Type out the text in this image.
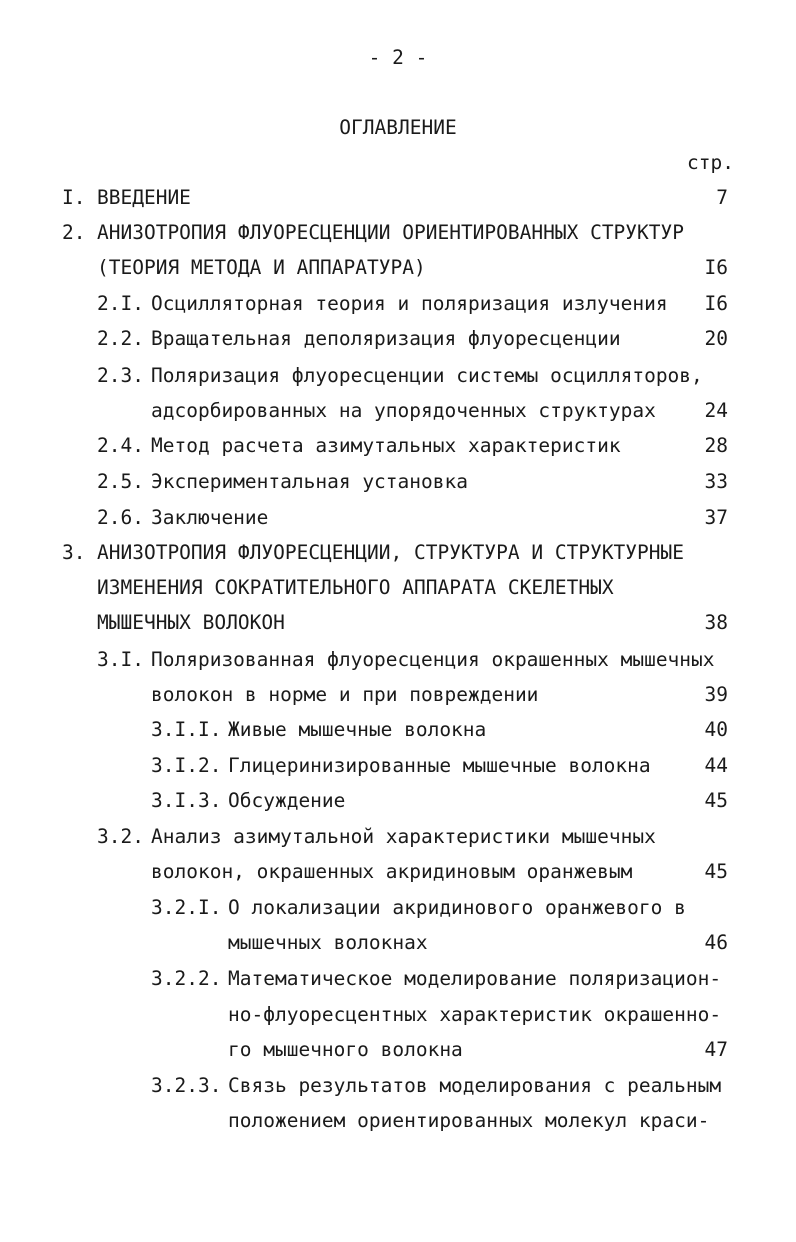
- 2 -
ОГЛАВЛЕНИЕ
стр.
I. ВВЕДЕНИЕ	7
2. АНИЗОТРОПИЯ ФЛУОРЕСЦЕНЦИИ ОРИЕНТИРОВАННЫХ СТРУКТУР
(ТЕОРИЯ МЕТОДА И АППАРАТУРА)	I6
2.I. Осцилляторная теория и поляризация излучения I6
2.2. Вращательная деполяризация флуоресценции	20
2.3. Поляризация флуоресценции системы осцилляторов,
адсорбированных на упорядоченных структурах 24
2.4. Метод расчета азимутальных характеристик	28
2.5. Экспериментальная установка	33
2.6. Заключение	37
3. АНИЗОТРОПИЯ ФЛУОРЕСЦЕНЦИИ, СТРУКТУРА И СТРУКТУРНЫЕ
ИЗМЕНЕНИЯ СОКРАТИТЕЛЬНОГО АППАРАТА СКЕЛЕТНЫХ
МЫШЕЧНЫХ ВОЛОКОН	38
3.I. Поляризованная флуоресценция окрашенных мышечных
волокон в норме и при повреждении	39
3.I.I. Живые мышечные волокна	40
3.I.2. Глицеринизированные мышечные волокна	44
3.I.3. Обсуждение	45
3.2. Анализ азимутальной характеристики мышечных
волокон, окрашенных акридиновым оранжевым	45
3.2.I. О локализации акридинового оранжевого в
мышечных волокнах	46
3.2.2. Математическое моделирование поляризацион-
но-флуоресцентных характеристик окрашенно-
го мышечного волокна	47
3.2.3. Связь результатов моделирования с реальным
положением ориентированных молекул краси-
